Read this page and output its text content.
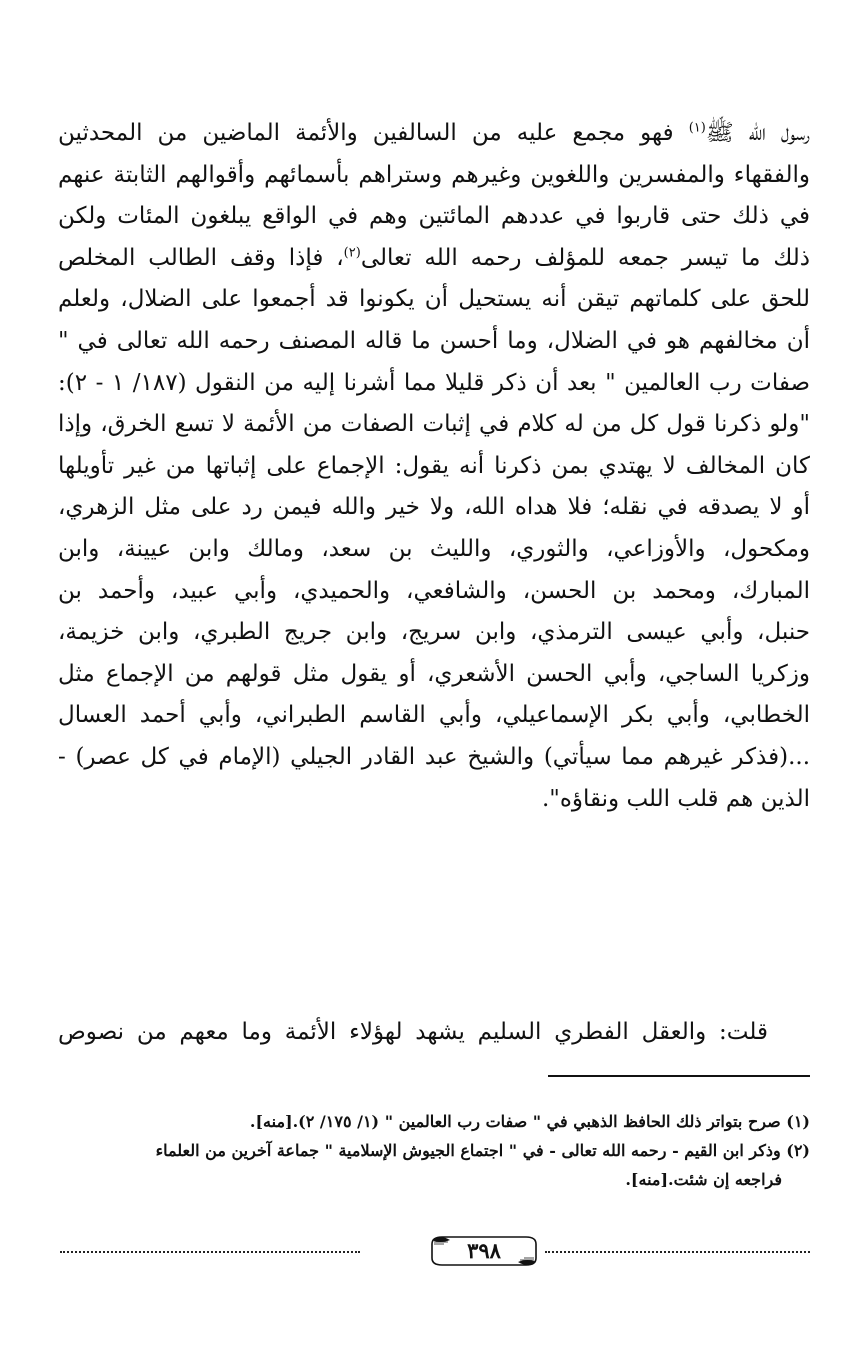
رسول الله ﷺ$^{(١)}$ فهو مجمع عليه من السالفين والأئمة الماضين من المحدثين
والفقهاء والمفسرين واللغوين وغيرهم وستراهم بأسمائهم وأقوالهم الثابتة عنهم
في ذلك حتى قاربوا في عددهم المائتين وهم في الواقع يبلغون المئات ولكن
ذلك ما تيسر جمعه للمؤلف رحمه الله تعالى$^{(٢)}$، فإذا وقف الطالب المخلص
للحق على كلماتهم تيقن أنه يستحيل أن يكونوا قد أجمعوا على الضلال، ولعلم
أن مخالفهم هو في الضلال، وما أحسن ما قاله المصنف رحمه الله تعالى في "
صفات رب العالمين " بعد أن ذكر قليلا مما أشرنا إليه من النقول (١٨٧/ ١ - ٢):
"ولو ذكرنا قول كل من له كلام في إثبات الصفات من الأئمة لا تسع الخرق، وإذا
كان المخالف لا يهتدي بمن ذكرنا أنه يقول: الإجماع على إثباتها من غير تأويلها
أو لا يصدقه في نقله؛ فلا هداه الله، ولا خير والله فيمن رد على مثل الزهري،
ومكحول، والأوزاعي، والثوري، والليث بن سعد، ومالك وابن عيينة، وابن
المبارك، ومحمد بن الحسن، والشافعي، والحميدي، وأبي عبيد، وأحمد بن
حنبل، وأبي عيسى الترمذي، وابن سريج، وابن جريج الطبري، وابن خزيمة،
وزكريا الساجي، وأبي الحسن الأشعري، أو يقول مثل قولهم من الإجماع مثل
الخطابي، وأبي بكر الإسماعيلي، وأبي القاسم الطبراني، وأبي أحمد العسال
...(فذكر غيرهم مما سيأتي) والشيخ عبد القادر الجيلي (الإمام في كل عصر) -
الذين هم قلب اللب ونقاؤه".
قلت: والعقل الفطري السليم يشهد لهؤلاء الأئمة وما معهم من نصوص
(١) صرح بتواتر ذلك الحافظ الذهبي في " صفات رب العالمين " (١/ ١٧٥/ ٢).[منه].
(٢) وذكر ابن القيم - رحمه الله تعالى - في " اجتماع الجيوش الإسلامية " جماعة آخرين من العلماء
فراجعه إن شئت.[منه].
٣٩٨
